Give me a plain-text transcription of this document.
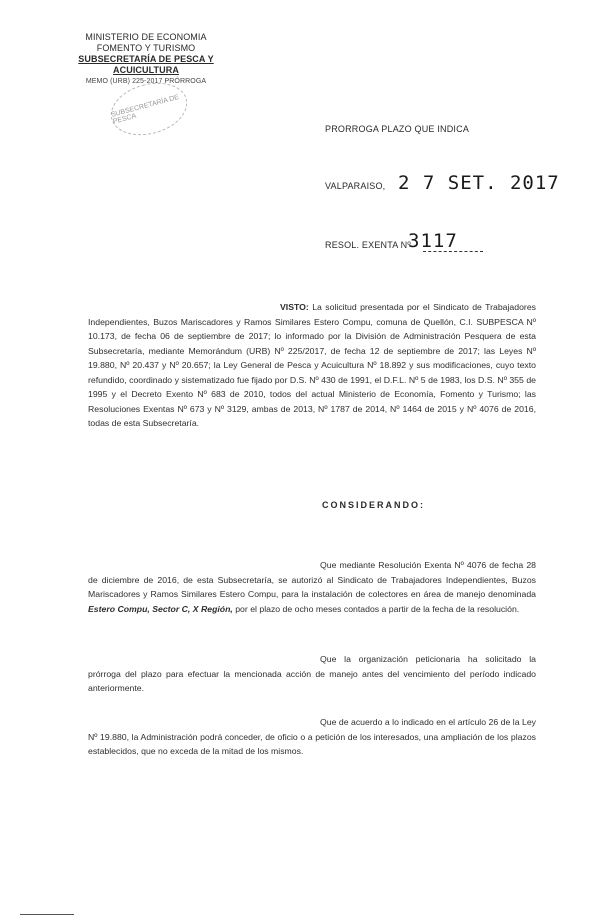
MINISTERIO DE ECONOMIA
FOMENTO Y TURISMO
SUBSECRETARÍA DE PESCA Y ACUICULTURA
MEMO (URB) 225-2017 PRÓRROGA
SUBSECRETARÍA DE PESCA
PRORROGA PLAZO QUE INDICA
VALPARAISO, 2 7 SET. 2017
RESOL. EXENTA Nº
3117

VISTO: La solicitud presentada por el Sindicato de Trabajadores Independientes, Buzos Mariscadores y Ramos Similares Estero Compu, comuna de Quellón, C.I. SUBPESCA Nº 10.173, de fecha 06 de septiembre de 2017; lo informado por la División de Administración Pesquera de esta Subsecretaría, mediante Memorándum (URB) Nº 225/2017, de fecha 12 de septiembre de 2017; las Leyes Nº 19.880, Nº 20.437 y Nº 20.657; la Ley General de Pesca y Acuicultura Nº 18.892 y sus modificaciones, cuyo texto refundido, coordinado y sistematizado fue fijado por D.S. Nº 430 de 1991, el D.F.L. Nº 5 de 1983, los D.S. Nº 355 de 1995 y el Decreto Exento Nº 683 de 2010, todos del actual Ministerio de Economía, Fomento y Turismo; las Resoluciones Exentas Nº 673 y Nº 3129, ambas de 2013, Nº 1787 de 2014, Nº 1464 de 2015 y Nº 4076 de 2016, todas de esta Subsecretaría.

CONSIDERANDO:

Que mediante Resolución Exenta Nº 4076 de fecha 28 de diciembre de 2016, de esta Subsecretaría, se autorizó al Sindicato de Trabajadores Independientes, Buzos Mariscadores y Ramos Similares Estero Compu, para la instalación de colectores en área de manejo denominada Estero Compu, Sector C, X Región, por el plazo de ocho meses contados a partir de la fecha de la resolución.

Que la organización peticionaria ha solicitado la prórroga del plazo para efectuar la mencionada acción de manejo antes del vencimiento del período indicado anteriormente.

Que de acuerdo a lo indicado en el artículo 26 de la Ley Nº 19.880, la Administración podrá conceder, de oficio o a petición de los interesados, una ampliación de los plazos establecidos, que no exceda de la mitad de los mismos.
